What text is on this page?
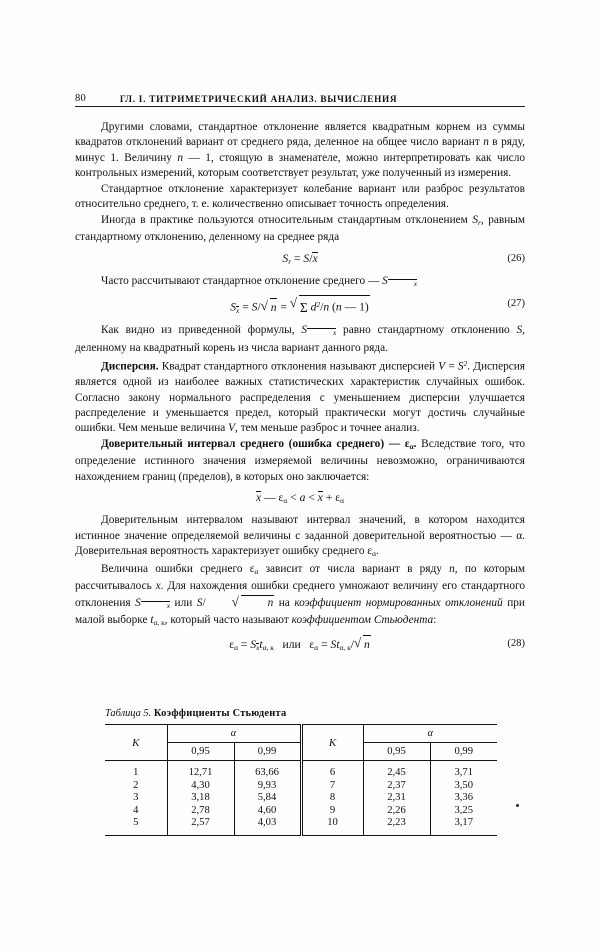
80	ГЛ. I. ТИТРИМЕТРИЧЕСКИЙ АНАЛИЗ. ВЫЧИСЛЕНИЯ

Другими словами, стандартное отклонение является квадратным корнем из суммы квадратов отклонений вариант от среднего ряда, деленное на общее число вариант n в ряду, минус 1. Величину n — 1, стоящую в знаменателе, можно интерпретировать как число контрольных измерений, которым соответствует результат, уже полученный из измерения.

Стандартное отклонение характеризует колебание вариант или разброс результатов относительно среднего, т. е. количественно описывает точность определения.

Иногда в практике пользуются относительным стандартным отклонением $S_r$, равным стандартному отклонению, деленному на среднее ряда

$S_r = S/x$	(26)

Часто рассчитывают стандартное отклонение среднего — S	$_x$

$S_x = S/$ √ n = √ Σ $d^2/n$ (n — 1)	(27)

Как видно из приведенной формулы, S	$_x$ равно стандартному отклонению S, деленному на квадратный корень из числа вариант данного ряда.

Дисперсия. Квадрат стандартного отклонения называют дисперсией $V = S^2$. Дисперсия является одной из наиболее важных статистических характеристик случайных ошибок. Согласно закону нормального распределения с уменьшением дисперсии улучшается распределение и уменьшается предел, который практически могут достичь случайные ошибки. Чем меньше величина V, тем меньше разброс и точнее анализ.

Доверительный интервал среднего (ошибка среднего) — $\varepsilon_\alpha$. Вследствие того, что определение истинного значения измеряемой величины невозможно, ограничиваются нахождением границ (пределов), в которых оно заключается:

x — $\varepsilon_\alpha < a < x + \varepsilon_\alpha$

Доверительным интервалом называют интервал значений, в котором находится истинное значение определяемой величины с заданной доверительной вероятностью — α. Доверительная вероятность характеризует ошибку среднего $\varepsilon_\alpha$.

Величина ошибки среднего $\varepsilon_\alpha$ зависит от числа вариант в ряду n, по которым рассчитывалось x. Для нахождения ошибки среднего умножают величину его стандартного отклонения S	$_x$ или S/	√ n на коэффициент нормированных отклонений при малой выборке $t_{\alpha, к}$, который часто называют коэффициентом Стьюдента:

$\varepsilon_\alpha = S_xt_{\alpha, к}$   или   $\varepsilon_\alpha = St_{\alpha, к}/$ √ n	(28)
Таблица 5. Коэффициенты Стьюдента
К	α		К	α	
	0,95	0,99		0,95	0,99
1	12,71	63,66	6	2,45	3,71
2	4,30	9,93	7	2,37	3,50
3	3,18	5,84	8	2,31	3,36
4	2,78	4,60	9	2,26	3,25
5	2,57	4,03	10	2,23	3,17
